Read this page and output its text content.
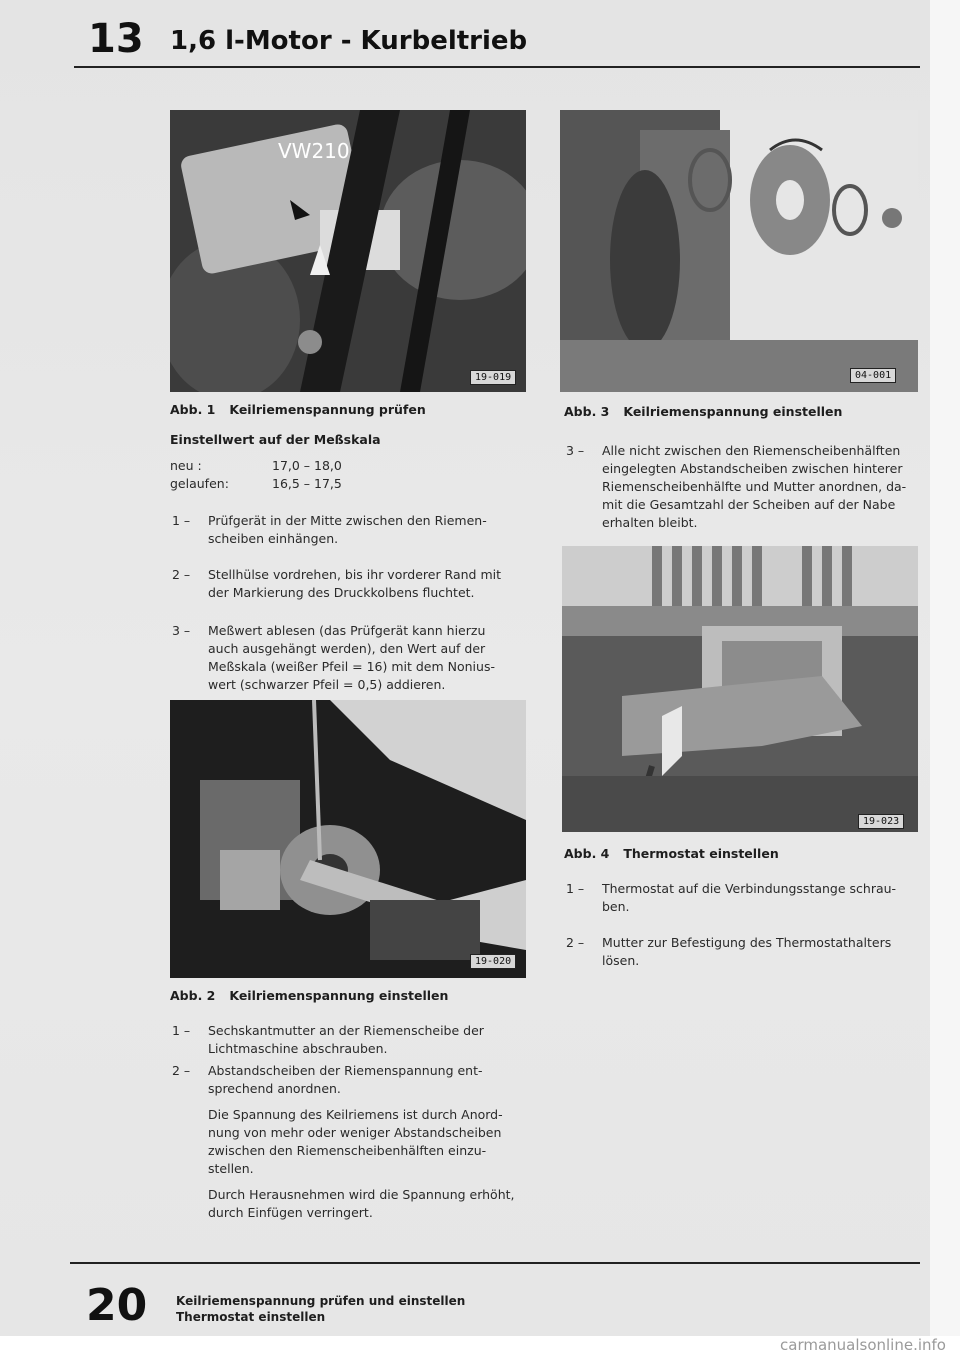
13 1,6 l-Motor - Kurbeltrieb
VW210
19-019	04-001
Abb. 1 Keilriemenspannung prüfen	Abb. 3 Keilriemenspannung einstellen
Einstellwert auf der Meßskala
neu :	17,0 – 18,0
gelaufen:	16,5 – 17,5
1 –	Prüfgerät in der Mitte zwischen den Riemen-
scheiben einhängen.
2 –	Stellhülse vordrehen, bis ihr vorderer Rand mit
der Markierung des Druckkolbens fluchtet.
3 –	Meßwert ablesen (das Prüfgerät kann hierzu
auch ausgehängt werden), den Wert auf der
Meßskala (weißer Pfeil = 16) mit dem Nonius-
wert (schwarzer Pfeil = 0,5) addieren.
19-020
Abb. 2 Keilriemenspannung einstellen
1 –	Sechskantmutter an der Riemenscheibe der
Lichtmaschine abschrauben.
2 –	Abstandscheiben der Riemenspannung ent-
sprechend anordnen.
Die Spannung des Keilriemens ist durch Anord-
nung von mehr oder weniger Abstandscheiben
zwischen den Riemenscheibenhälften einzu-
stellen.
Durch Herausnehmen wird die Spannung erhöht,
durch Einfügen verringert.
3 –	Alle nicht zwischen den Riemenscheibenhälften
eingelegten Abstandscheiben zwischen hinterer
Riemenscheibenhälfte und Mutter anordnen, da-
mit die Gesamtzahl der Scheiben auf der Nabe
erhalten bleibt.
19-023
Abb. 4 Thermostat einstellen
1 –	Thermostat auf die Verbindungsstange schrau-
ben.
2 –	Mutter zur Befestigung des Thermostathalters
lösen.
20 Keilriemenspannung prüfen und einstellen
Thermostat einstellen
carmanualsonline.info
